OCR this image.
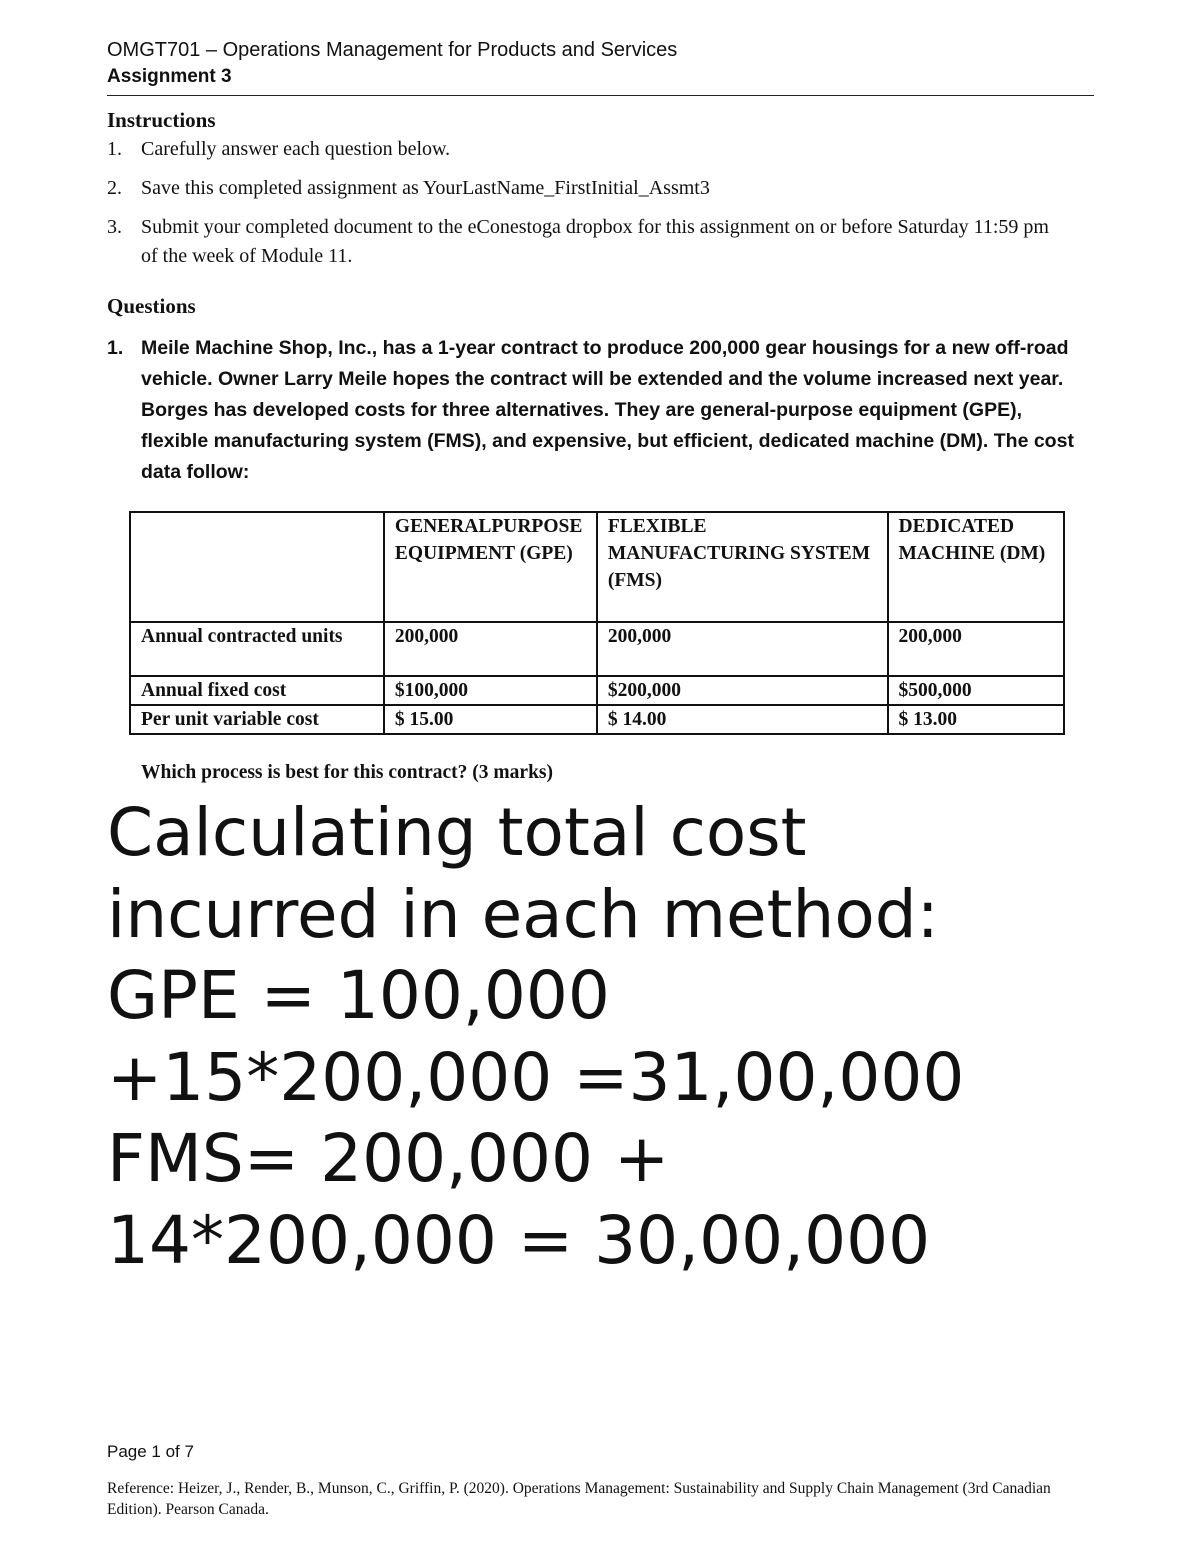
OMGT701 – Operations Management for Products and Services
Assignment 3
Instructions
1. Carefully answer each question below.
2. Save this completed assignment as YourLastName_FirstInitial_Assmt3
3. Submit your completed document to the eConestoga dropbox for this assignment on or before Saturday 11:59 pm of the week of Module 11.
Questions
1. Meile Machine Shop, Inc., has a 1-year contract to produce 200,000 gear housings for a new off-road vehicle. Owner Larry Meile hopes the contract will be extended and the volume increased next year. Borges has developed costs for three alternatives. They are general-purpose equipment (GPE), flexible manufacturing system (FMS), and expensive, but efficient, dedicated machine (DM). The cost data follow:
	GENERALPURPOSE EQUIPMENT (GPE)	FLEXIBLE MANUFACTURING SYSTEM (FMS)	DEDICATED MACHINE (DM)
Annual contracted units	200,000	200,000	200,000
Annual fixed cost	$100,000	$200,000	$500,000
Per unit variable cost	$ 15.00	$ 14.00	$ 13.00
Which process is best for this contract? (3 marks)
Calculating total cost
incurred in each method:
GPE = 100,000
+15*200,000 =31,00,000
FMS= 200,000 +
14*200,000 = 30,00,000
Page 1 of 7
Reference: Heizer, J., Render, B., Munson, C., Griffin, P. (2020). Operations Management: Sustainability and Supply Chain Management (3rd Canadian Edition). Pearson Canada.
